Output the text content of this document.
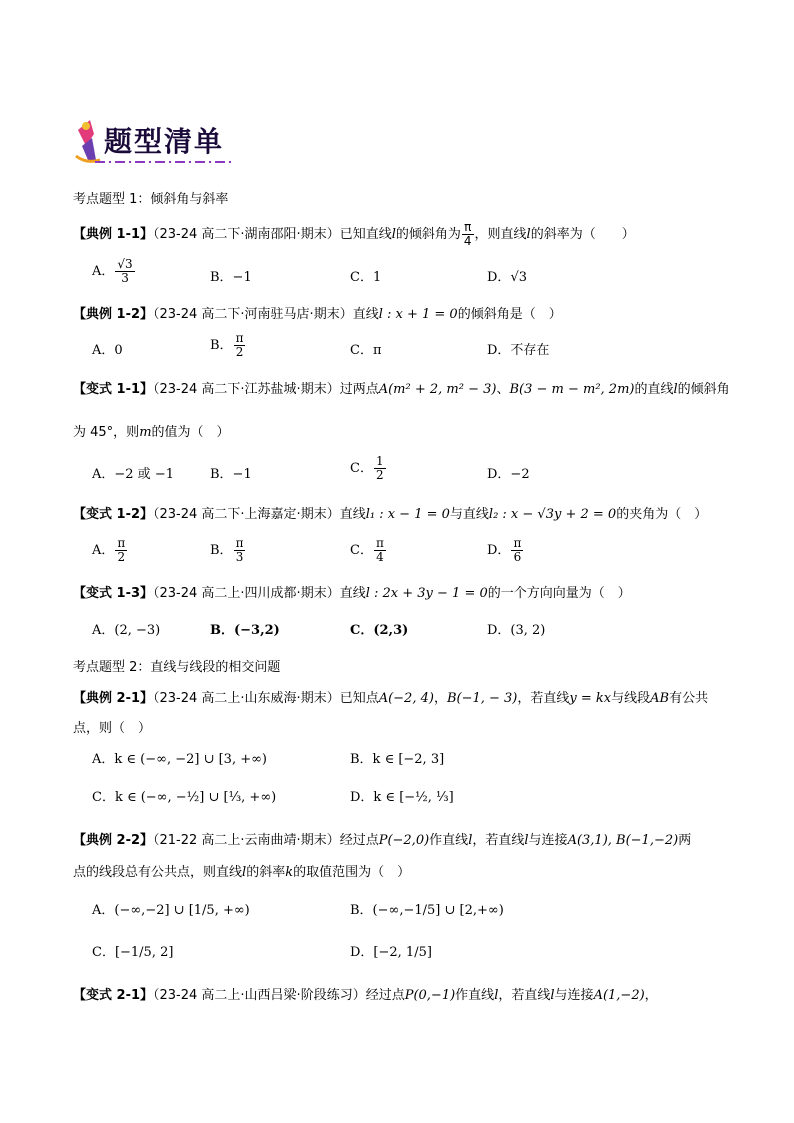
题型清单
考点题型 1：倾斜角与斜率
【典例 1-1】（23-24 高二下·湖南邵阳·期末）已知直线l的倾斜角为 $\frac{\pi}{4}$ ，则直线l的斜率为（　　）
A． $\frac{√3}{3}$	B．−1	C．1	D．√3
【典例 1-2】（23-24 高二下·河南驻马店·期末）直线l : x + 1 = 0的倾斜角是（　）
A．0	B． $\frac{\pi}{2}$	C．π	D．不存在
【变式 1-1】（23-24 高二下·江苏盐城·期末）过两点A(m² + 2, m² − 3)、B(3 − m − m², 2m)的直线l的倾斜角
为 45°，则m的值为（　）
A．−2 或 −1	B．−1	C． $\frac{1}{2}$	D．−2
【变式 1-2】（23-24 高二下·上海嘉定·期末）直线l₁ : x − 1 = 0与直线l₂ : x − √3y + 2 = 0的夹角为（　）
A． $\frac{\pi}{2}$	B． $\frac{\pi}{3}$	C． $\frac{\pi}{4}$	D． $\frac{\pi}{6}$
【变式 1-3】（23-24 高二上·四川成都·期末）直线l : 2x + 3y − 1 = 0的一个方向向量为（　）
A．(2, −3)	B．(−3,2)	C．(2,3)	D．(3, 2)
考点题型 2：直线与线段的相交问题
【典例 2-1】（23-24 高二上·山东威海·期末）已知点A(−2, 4)，B(−1, − 3)，若直线y = kx与线段AB有公共
点，则（　）
A．k ∈ (−∞, −2] ∪ [3, +∞)	B．k ∈ [−2, 3]
C．k ∈ (−∞, −½] ∪ [⅓, +∞)	D．k ∈ [−½, ⅓]
【典例 2-2】（21-22 高二上·云南曲靖·期末）经过点P(−2,0)作直线l，若直线l与连接A(3,1), B(−1,−2)两
点的线段总有公共点，则直线l的斜率k的取值范围为（　）
A．(−∞,−2] ∪ [1/5, +∞)	B．(−∞,−1/5] ∪ [2,+∞)
C．[−1/5, 2]	D．[−2, 1/5]
【变式 2-1】（23-24 高二上·山西吕梁·阶段练习）经过点P(0,−1)作直线l，若直线l与连接A(1,−2)，
